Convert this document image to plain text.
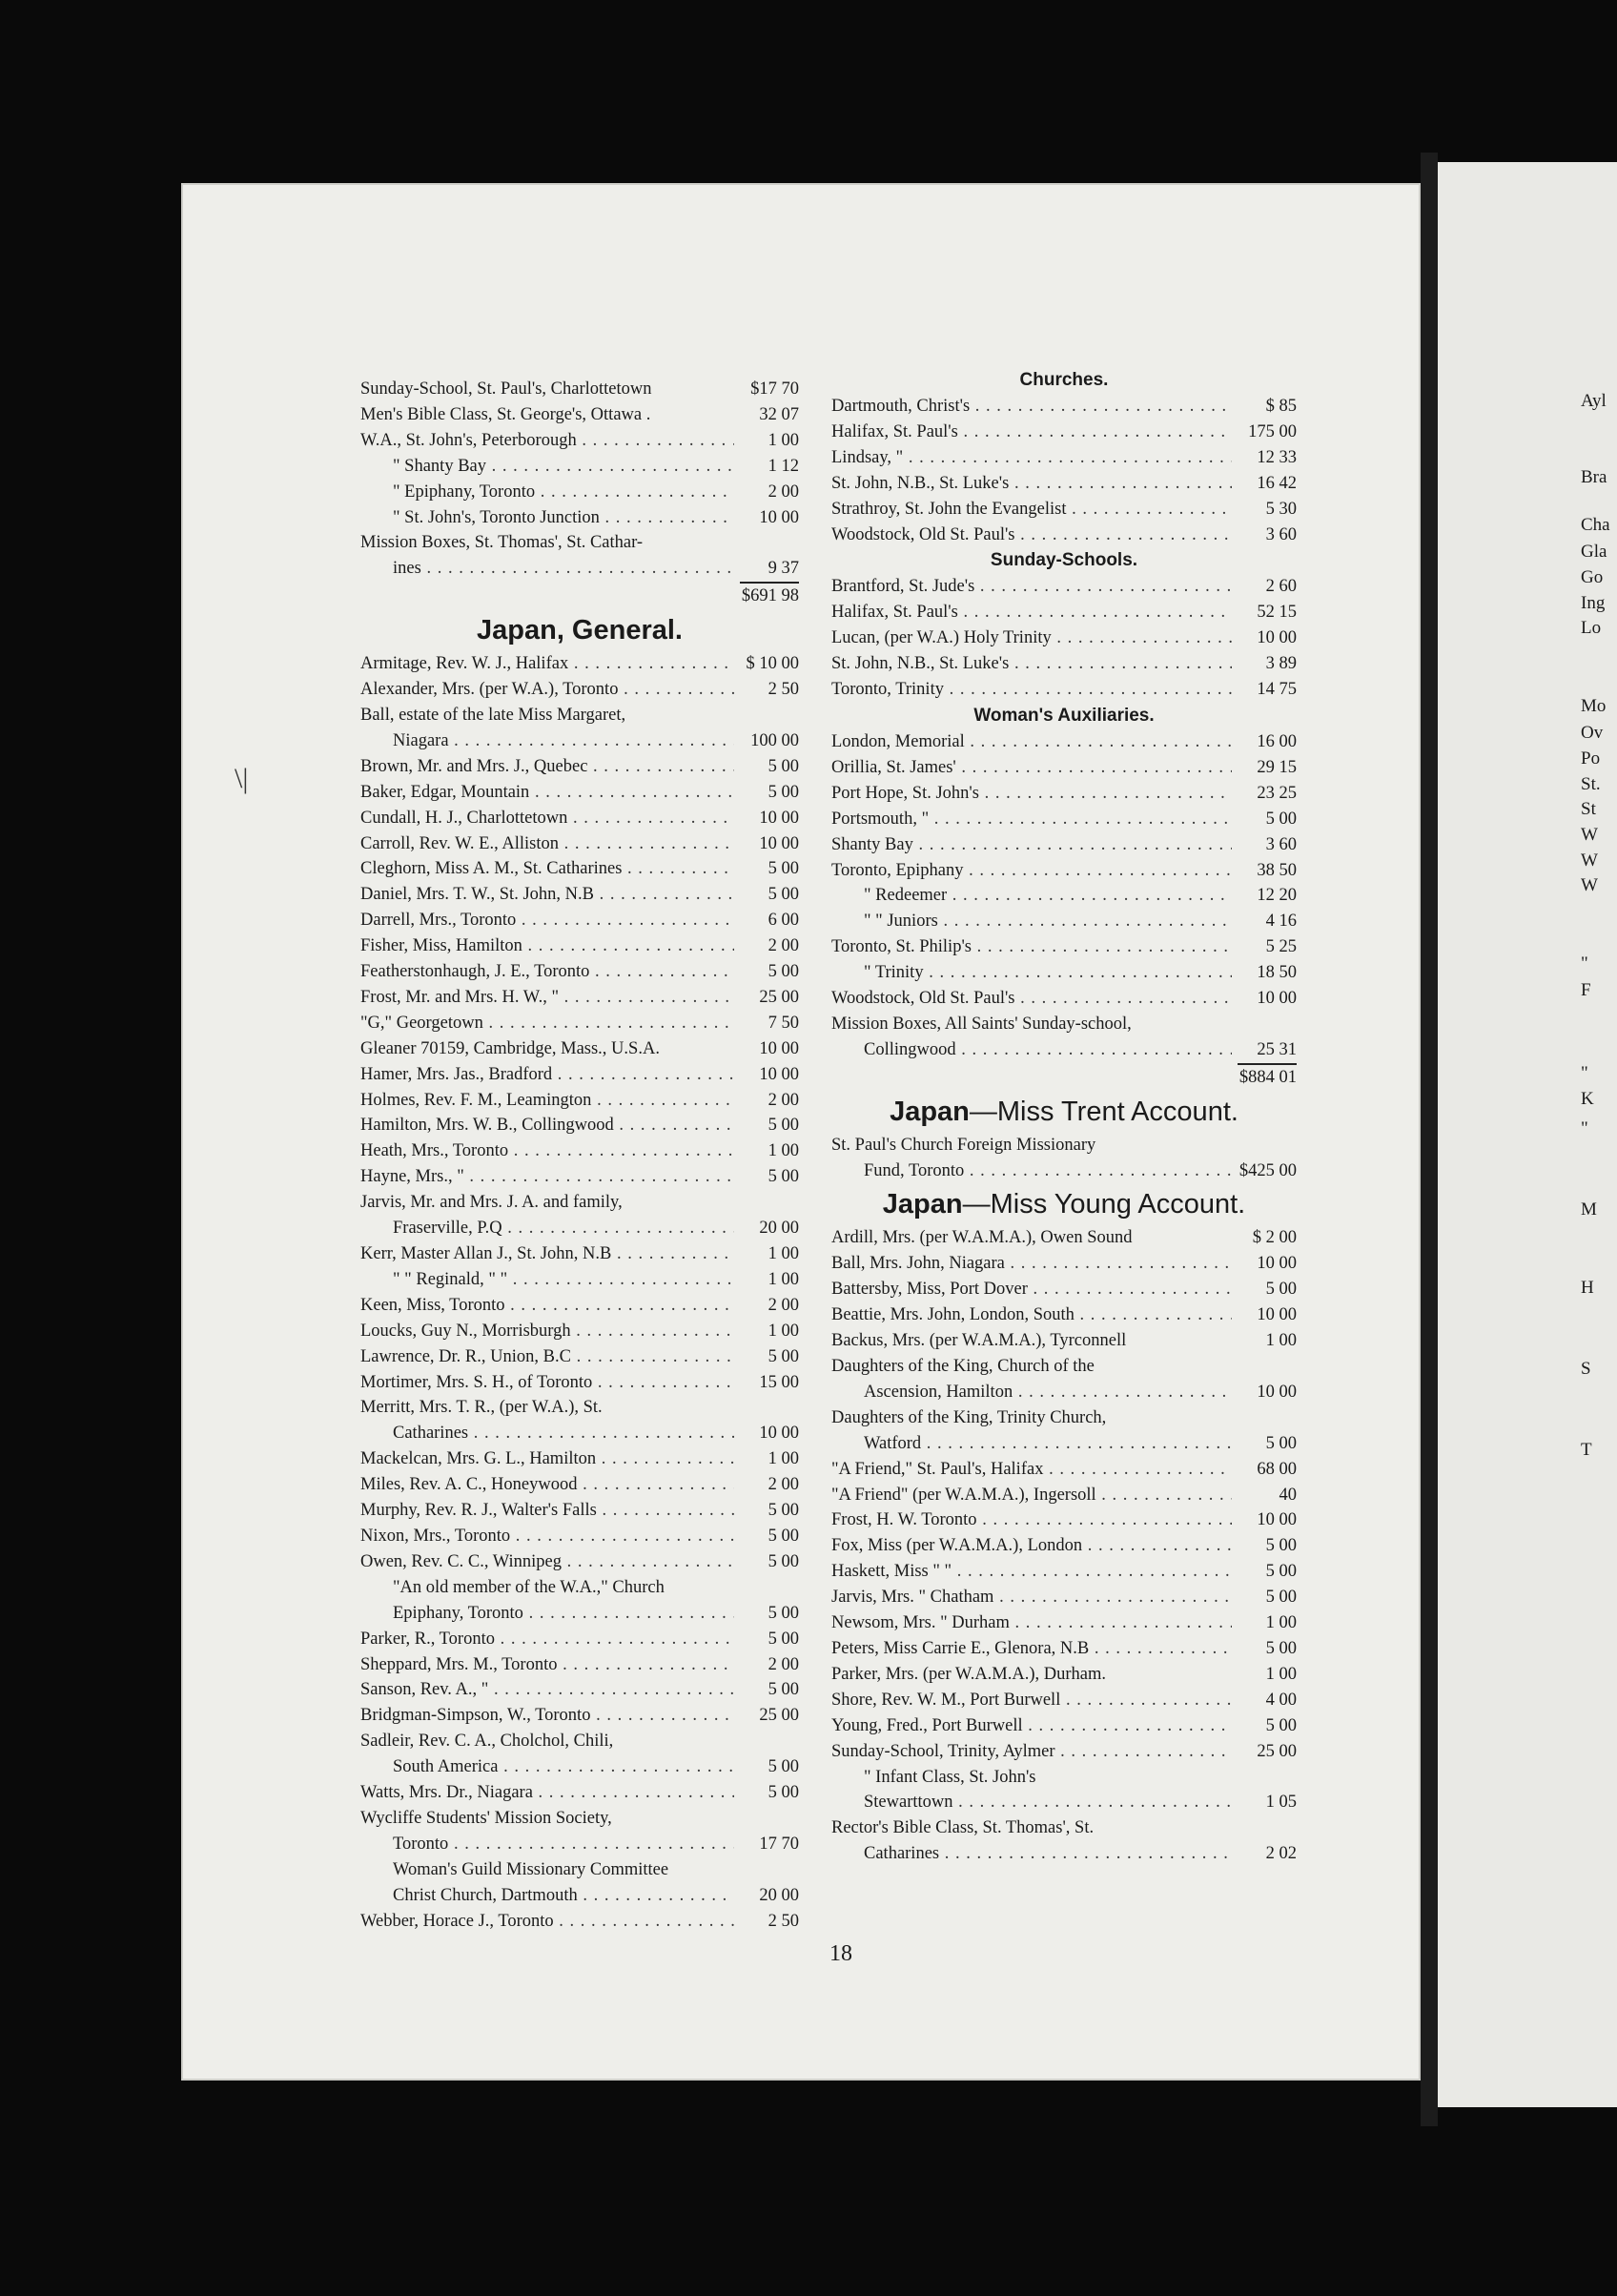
Ayl
Bra
Cha
Gla
Go
Ing
Lo
Mo
Ov
Po
St.
St
W
W
W
"
F
"
K
"
M
H
S
T
\|
Sunday-School, St. Paul's, Charlottetown	$17 70
Men's Bible Class, St. George's, Ottawa .	32 07
W.A., St. John's, Peterborough . . .	1 00
" Shanty Bay . . .	1 12
" Epiphany, Toronto . . .	2 00
" St. John's, Toronto Junction . . .	10 00
Mission Boxes, St. Thomas', St. Cathar-
ines . . .	9 37
$691 98
Japan, General.
Armitage, Rev. W. J., Halifax . . .	$ 10 00
Alexander, Mrs. (per W.A.), Toronto . . .	2 50
Ball, estate of the late Miss Margaret,
Niagara . . .	100 00
Brown, Mr. and Mrs. J., Quebec . . .	5 00
Baker, Edgar, Mountain . . .	5 00
Cundall, H. J., Charlottetown . . .	10 00
Carroll, Rev. W. E., Alliston . . .	10 00
Cleghorn, Miss A. M., St. Catharines . . .	5 00
Daniel, Mrs. T. W., St. John, N.B . . .	5 00
Darrell, Mrs., Toronto . . .	6 00
Fisher, Miss, Hamilton . . .	2 00
Featherstonhaugh, J. E., Toronto . . .	5 00
Frost, Mr. and Mrs. H. W., " . . .	25 00
"G," Georgetown . . .	7 50
Gleaner 70159, Cambridge, Mass., U.S.A.	10 00
Hamer, Mrs. Jas., Bradford . . .	10 00
Holmes, Rev. F. M., Leamington . . .	2 00
Hamilton, Mrs. W. B., Collingwood . . .	5 00
Heath, Mrs., Toronto . . .	1 00
Hayne, Mrs., " . . .	5 00
Jarvis, Mr. and Mrs. J. A. and family,
Fraserville, P.Q . . .	20 00
Kerr, Master Allan J., St. John, N.B . . .	1 00
" " Reginald, " " . . .	1 00
Keen, Miss, Toronto . . .	2 00
Loucks, Guy N., Morrisburgh . . .	1 00
Lawrence, Dr. R., Union, B.C . . .	5 00
Mortimer, Mrs. S. H., of Toronto . . .	15 00
Merritt, Mrs. T. R., (per W.A.), St.
Catharines . . .	10 00
Mackelcan, Mrs. G. L., Hamilton . . .	1 00
Miles, Rev. A. C., Honeywood . . .	2 00
Murphy, Rev. R. J., Walter's Falls . . .	5 00
Nixon, Mrs., Toronto . . .	5 00
Owen, Rev. C. C., Winnipeg . . .	5 00
"An old member of the W.A.," Church
Epiphany, Toronto . . .	5 00
Parker, R., Toronto . . .	5 00
Sheppard, Mrs. M., Toronto . . .	2 00
Sanson, Rev. A., " . . .	5 00
Bridgman-Simpson, W., Toronto . . .	25 00
Sadleir, Rev. C. A., Cholchol, Chili,
South America . . .	5 00
Watts, Mrs. Dr., Niagara . . .	5 00
Wycliffe Students' Mission Society,
Toronto . . .	17 70
Woman's Guild Missionary Committee
Christ Church, Dartmouth . . .	20 00
Webber, Horace J., Toronto . . .	2 50
Churches.
Dartmouth, Christ's . . .	$ 85
Halifax, St. Paul's . . .	175 00
Lindsay, " . . .	12 33
St. John, N.B., St. Luke's . . .	16 42
Strathroy, St. John the Evangelist . . .	5 30
Woodstock, Old St. Paul's . . .	3 60
Sunday-Schools.
Brantford, St. Jude's . . .	2 60
Halifax, St. Paul's . . .	52 15
Lucan, (per W.A.) Holy Trinity . . .	10 00
St. John, N.B., St. Luke's . . .	3 89
Toronto, Trinity . . .	14 75
Woman's Auxiliaries.
London, Memorial . . .	16 00
Orillia, St. James' . . .	29 15
Port Hope, St. John's . . .	23 25
Portsmouth, " . . .	5 00
Shanty Bay . . .	3 60
Toronto, Epiphany . . .	38 50
" Redeemer . . .	12 20
" " Juniors . . .	4 16
Toronto, St. Philip's . . .	5 25
" Trinity . . .	18 50
Woodstock, Old St. Paul's . . .	10 00
Mission Boxes, All Saints' Sunday-school,
Collingwood . . .	25 31
$884 01
Japan—Miss Trent Account.
St. Paul's Church Foreign Missionary
Fund, Toronto . . .	$425 00
Japan—Miss Young Account.
Ardill, Mrs. (per W.A.M.A.), Owen Sound	$ 2 00
Ball, Mrs. John, Niagara . . .	10 00
Battersby, Miss, Port Dover . . .	5 00
Beattie, Mrs. John, London, South . . .	10 00
Backus, Mrs. (per W.A.M.A.), Tyrconnell	1 00
Daughters of the King, Church of the
Ascension, Hamilton . . .	10 00
Daughters of the King, Trinity Church,
Watford . . .	5 00
"A Friend," St. Paul's, Halifax . . .	68 00
"A Friend" (per W.A.M.A.), Ingersoll . . .	40
Frost, H. W. Toronto . . .	10 00
Fox, Miss (per W.A.M.A.), London . . .	5 00
Haskett, Miss " " . . .	5 00
Jarvis, Mrs. " Chatham . . .	5 00
Newsom, Mrs. " Durham . . .	1 00
Peters, Miss Carrie E., Glenora, N.B . . .	5 00
Parker, Mrs. (per W.A.M.A.), Durham.	1 00
Shore, Rev. W. M., Port Burwell . . .	4 00
Young, Fred., Port Burwell . . .	5 00
Sunday-School, Trinity, Aylmer . . .	25 00
" Infant Class, St. John's
Stewarttown . . .	1 05
Rector's Bible Class, St. Thomas', St.
Catharines . . .	2 02
18
